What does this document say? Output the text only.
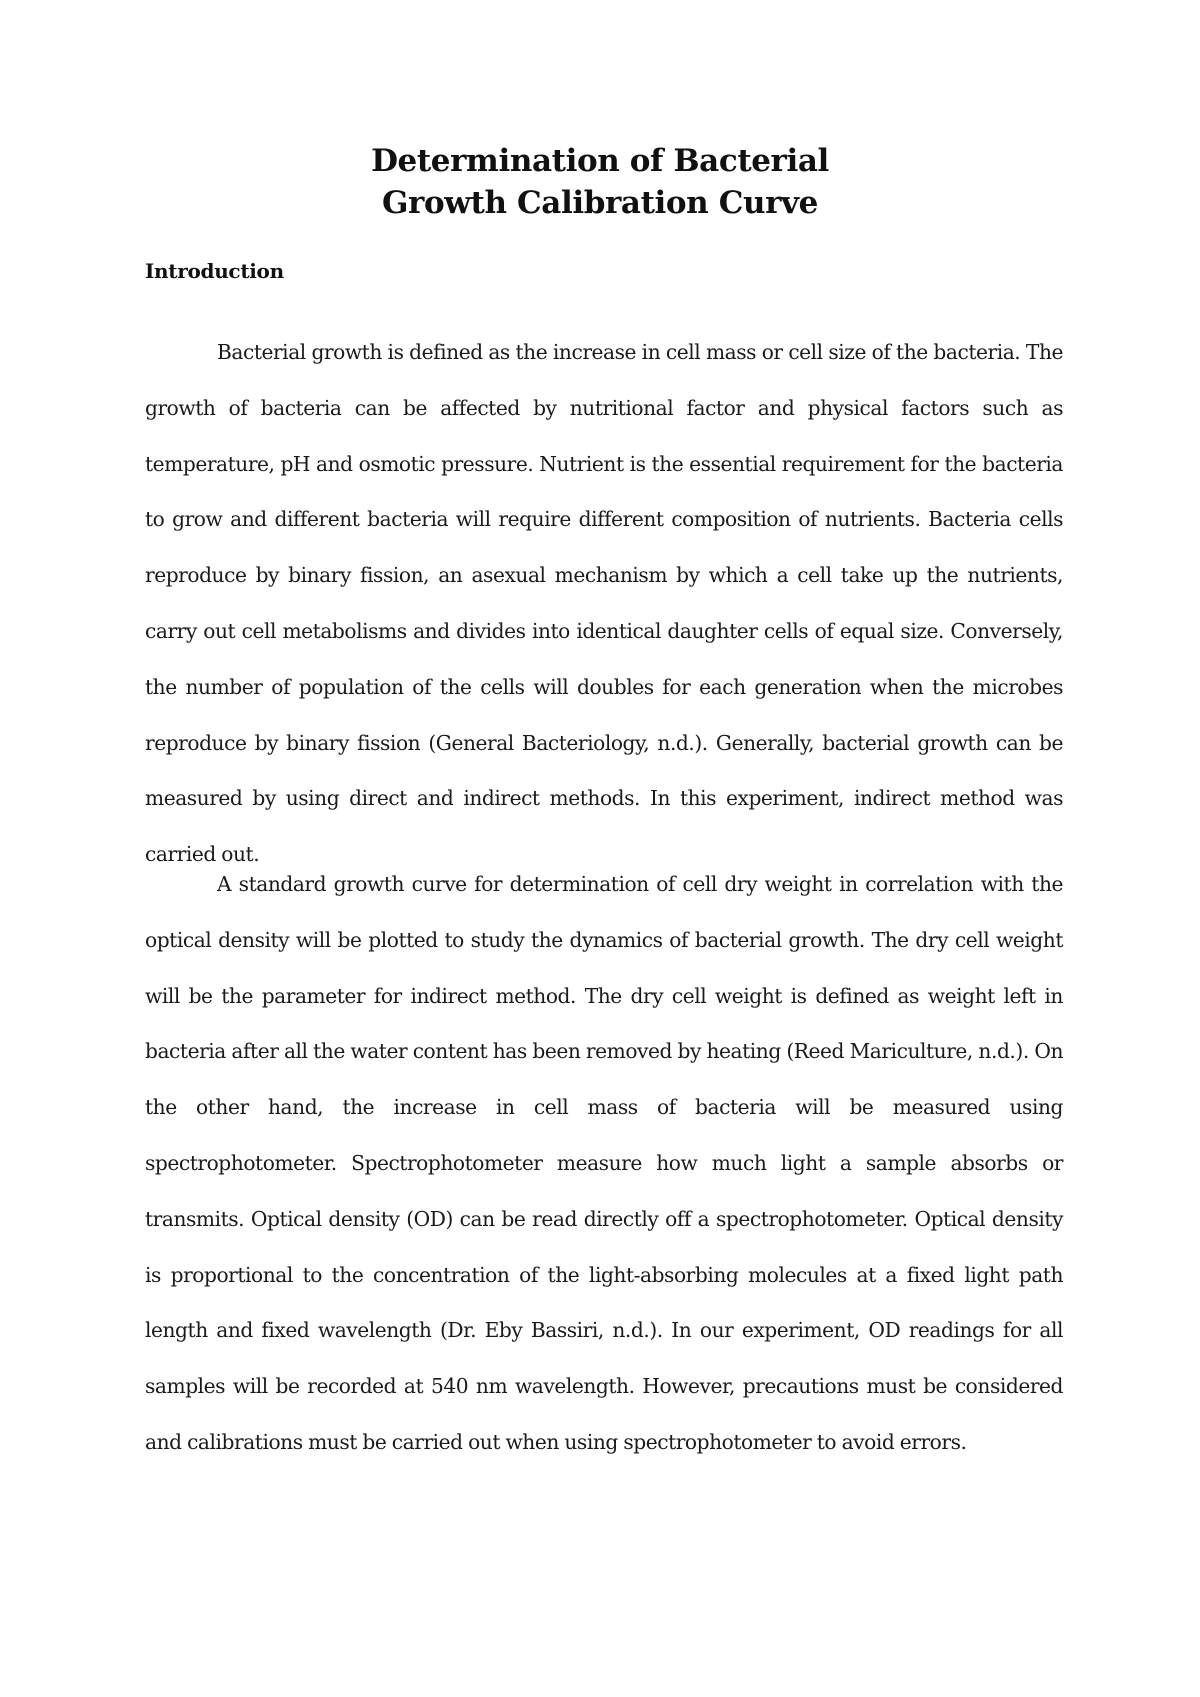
Determination of Bacterial
Growth Calibration Curve
Introduction

Bacterial growth is defined as the increase in cell mass or cell size of the bacteria. The growth of bacteria can be affected by nutritional factor and physical factors such as temperature, pH and osmotic pressure. Nutrient is the essential requirement for the bacteria to grow and different bacteria will require different composition of nutrients. Bacteria cells reproduce by binary fission, an asexual mechanism by which a cell take up the nutrients, carry out cell metabolisms and divides into identical daughter cells of equal size. Conversely, the number of population of the cells will doubles for each generation when the microbes reproduce by binary fission (General Bacteriology, n.d.). Generally, bacterial growth can be measured by using direct and indirect methods. In this experiment, indirect method was carried out.

A standard growth curve for determination of cell dry weight in correlation with the optical density will be plotted to study the dynamics of bacterial growth. The dry cell weight will be the parameter for indirect method. The dry cell weight is defined as weight left in bacteria after all the water content has been removed by heating (Reed Mariculture, n.d.). On the other hand, the increase in cell mass of bacteria will be measured using spectrophotometer. Spectrophotometer measure how much light a sample absorbs or transmits. Optical density (OD) can be read directly off a spectrophotometer. Optical density is proportional to the concentration of the light-absorbing molecules at a fixed light path length and fixed wavelength (Dr. Eby Bassiri, n.d.). In our experiment, OD readings for all samples will be recorded at 540 nm wavelength. However, precautions must be considered and calibrations must be carried out when using spectrophotometer to avoid errors.
